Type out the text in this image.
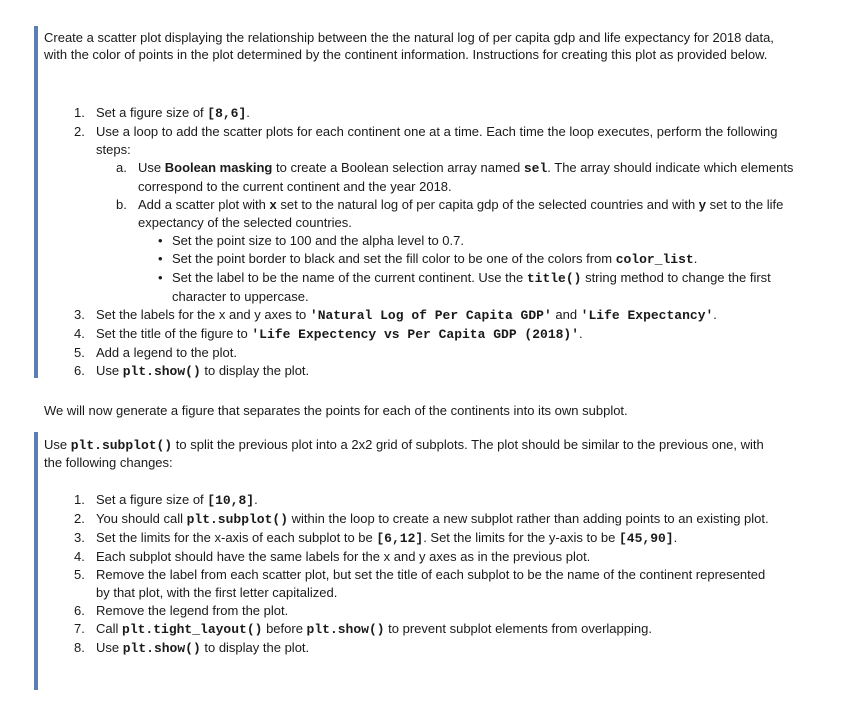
Create a scatter plot displaying the relationship between the the natural log of per capita gdp and life expectancy for 2018 data, with the color of points in the plot determined by the continent information. Instructions for creating this plot as provided below.
1. Set a figure size of [8,6].
2. Use a loop to add the scatter plots for each continent one at a time. Each time the loop executes, perform the following steps:
a. Use Boolean masking to create a Boolean selection array named sel. The array should indicate which elements correspond to the current continent and the year 2018.
b. Add a scatter plot with x set to the natural log of per capita gdp of the selected countries and with y set to the life expectancy of the selected countries.
• Set the point size to 100 and the alpha level to 0.7.
• Set the point border to black and set the fill color to be one of the colors from color_list.
• Set the label to be the name of the current continent. Use the title() string method to change the first character to uppercase.
3. Set the labels for the x and y axes to 'Natural Log of Per Capita GDP' and 'Life Expectancy'.
4. Set the title of the figure to 'Life Expectency vs Per Capita GDP (2018)'.
5. Add a legend to the plot.
6. Use plt.show() to display the plot.
We will now generate a figure that separates the points for each of the continents into its own subplot.
Use plt.subplot() to split the previous plot into a 2x2 grid of subplots. The plot should be similar to the previous one, with the following changes:
1. Set a figure size of [10,8].
2. You should call plt.subplot() within the loop to create a new subplot rather than adding points to an existing plot.
3. Set the limits for the x-axis of each subplot to be [6,12]. Set the limits for the y-axis to be [45,90].
4. Each subplot should have the same labels for the x and y axes as in the previous plot.
5. Remove the label from each scatter plot, but set the title of each subplot to be the name of the continent represented by that plot, with the first letter capitalized.
6. Remove the legend from the plot.
7. Call plt.tight_layout() before plt.show() to prevent subplot elements from overlapping.
8. Use plt.show() to display the plot.
